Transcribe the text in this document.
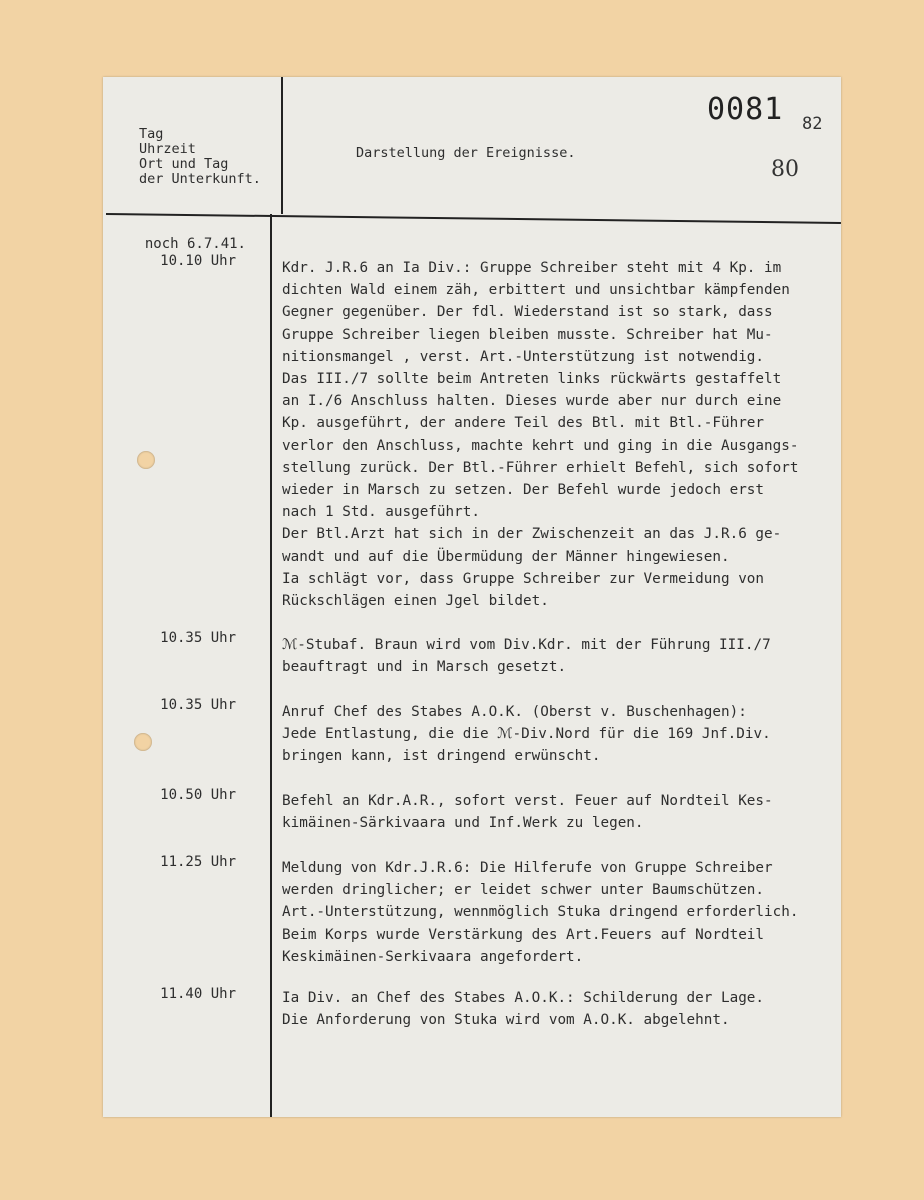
Tag
Uhrzeit
Ort und Tag
der Unterkunft.
Darstellung der Ereignisse.
0081 82
80
noch 6.7.41.
10.10 Uhr	Kdr. J.R.6 an Ia Div.: Gruppe Schreiber steht mit 4 Kp. im
dichten Wald einem zäh, erbittert und unsichtbar kämpfenden
Gegner gegenüber. Der fdl. Wiederstand ist so stark, dass
Gruppe Schreiber liegen bleiben musste. Schreiber hat Mu-
nitionsmangel , verst. Art.-Unterstützung ist notwendig.
Das III./7 sollte beim Antreten links rückwärts gestaffelt
an I./6 Anschluss halten. Dieses wurde aber nur durch eine
Kp. ausgeführt, der andere Teil des Btl. mit Btl.-Führer
verlor den Anschluss, machte kehrt und ging in die Ausgangs-
stellung zurück. Der Btl.-Führer erhielt Befehl, sich sofort
wieder in Marsch zu setzen. Der Befehl wurde jedoch erst
nach 1 Std. ausgeführt.
Der Btl.Arzt hat sich in der Zwischenzeit an das J.R.6 ge-
wandt und auf die Übermüdung der Männer hingewiesen.
Ia schlägt vor, dass Gruppe Schreiber zur Vermeidung von
Rückschlägen einen Jgel bildet.
10.35 Uhr	ℳ-Stubaf. Braun wird vom Div.Kdr. mit der Führung III./7
beauftragt und in Marsch gesetzt.
10.35 Uhr	Anruf Chef des Stabes A.O.K. (Oberst v. Buschenhagen):
Jede Entlastung, die die ℳ-Div.Nord für die 169 Jnf.Div.
bringen kann, ist dringend erwünscht.
10.50 Uhr	Befehl an Kdr.A.R., sofort verst. Feuer auf Nordteil Kes-
kimäinen-Särkivaara und Inf.Werk zu legen.
11.25 Uhr	Meldung von Kdr.J.R.6: Die Hilferufe von Gruppe Schreiber
werden dringlicher; er leidet schwer unter Baumschützen.
Art.-Unterstützung, wennmöglich Stuka dringend erforderlich.
Beim Korps wurde Verstärkung des Art.Feuers auf Nordteil
Keskimäinen-Serkivaara angefordert.
11.40 Uhr	Ia Div. an Chef des Stabes A.O.K.: Schilderung der Lage.
Die Anforderung von Stuka wird vom A.O.K. abgelehnt.
